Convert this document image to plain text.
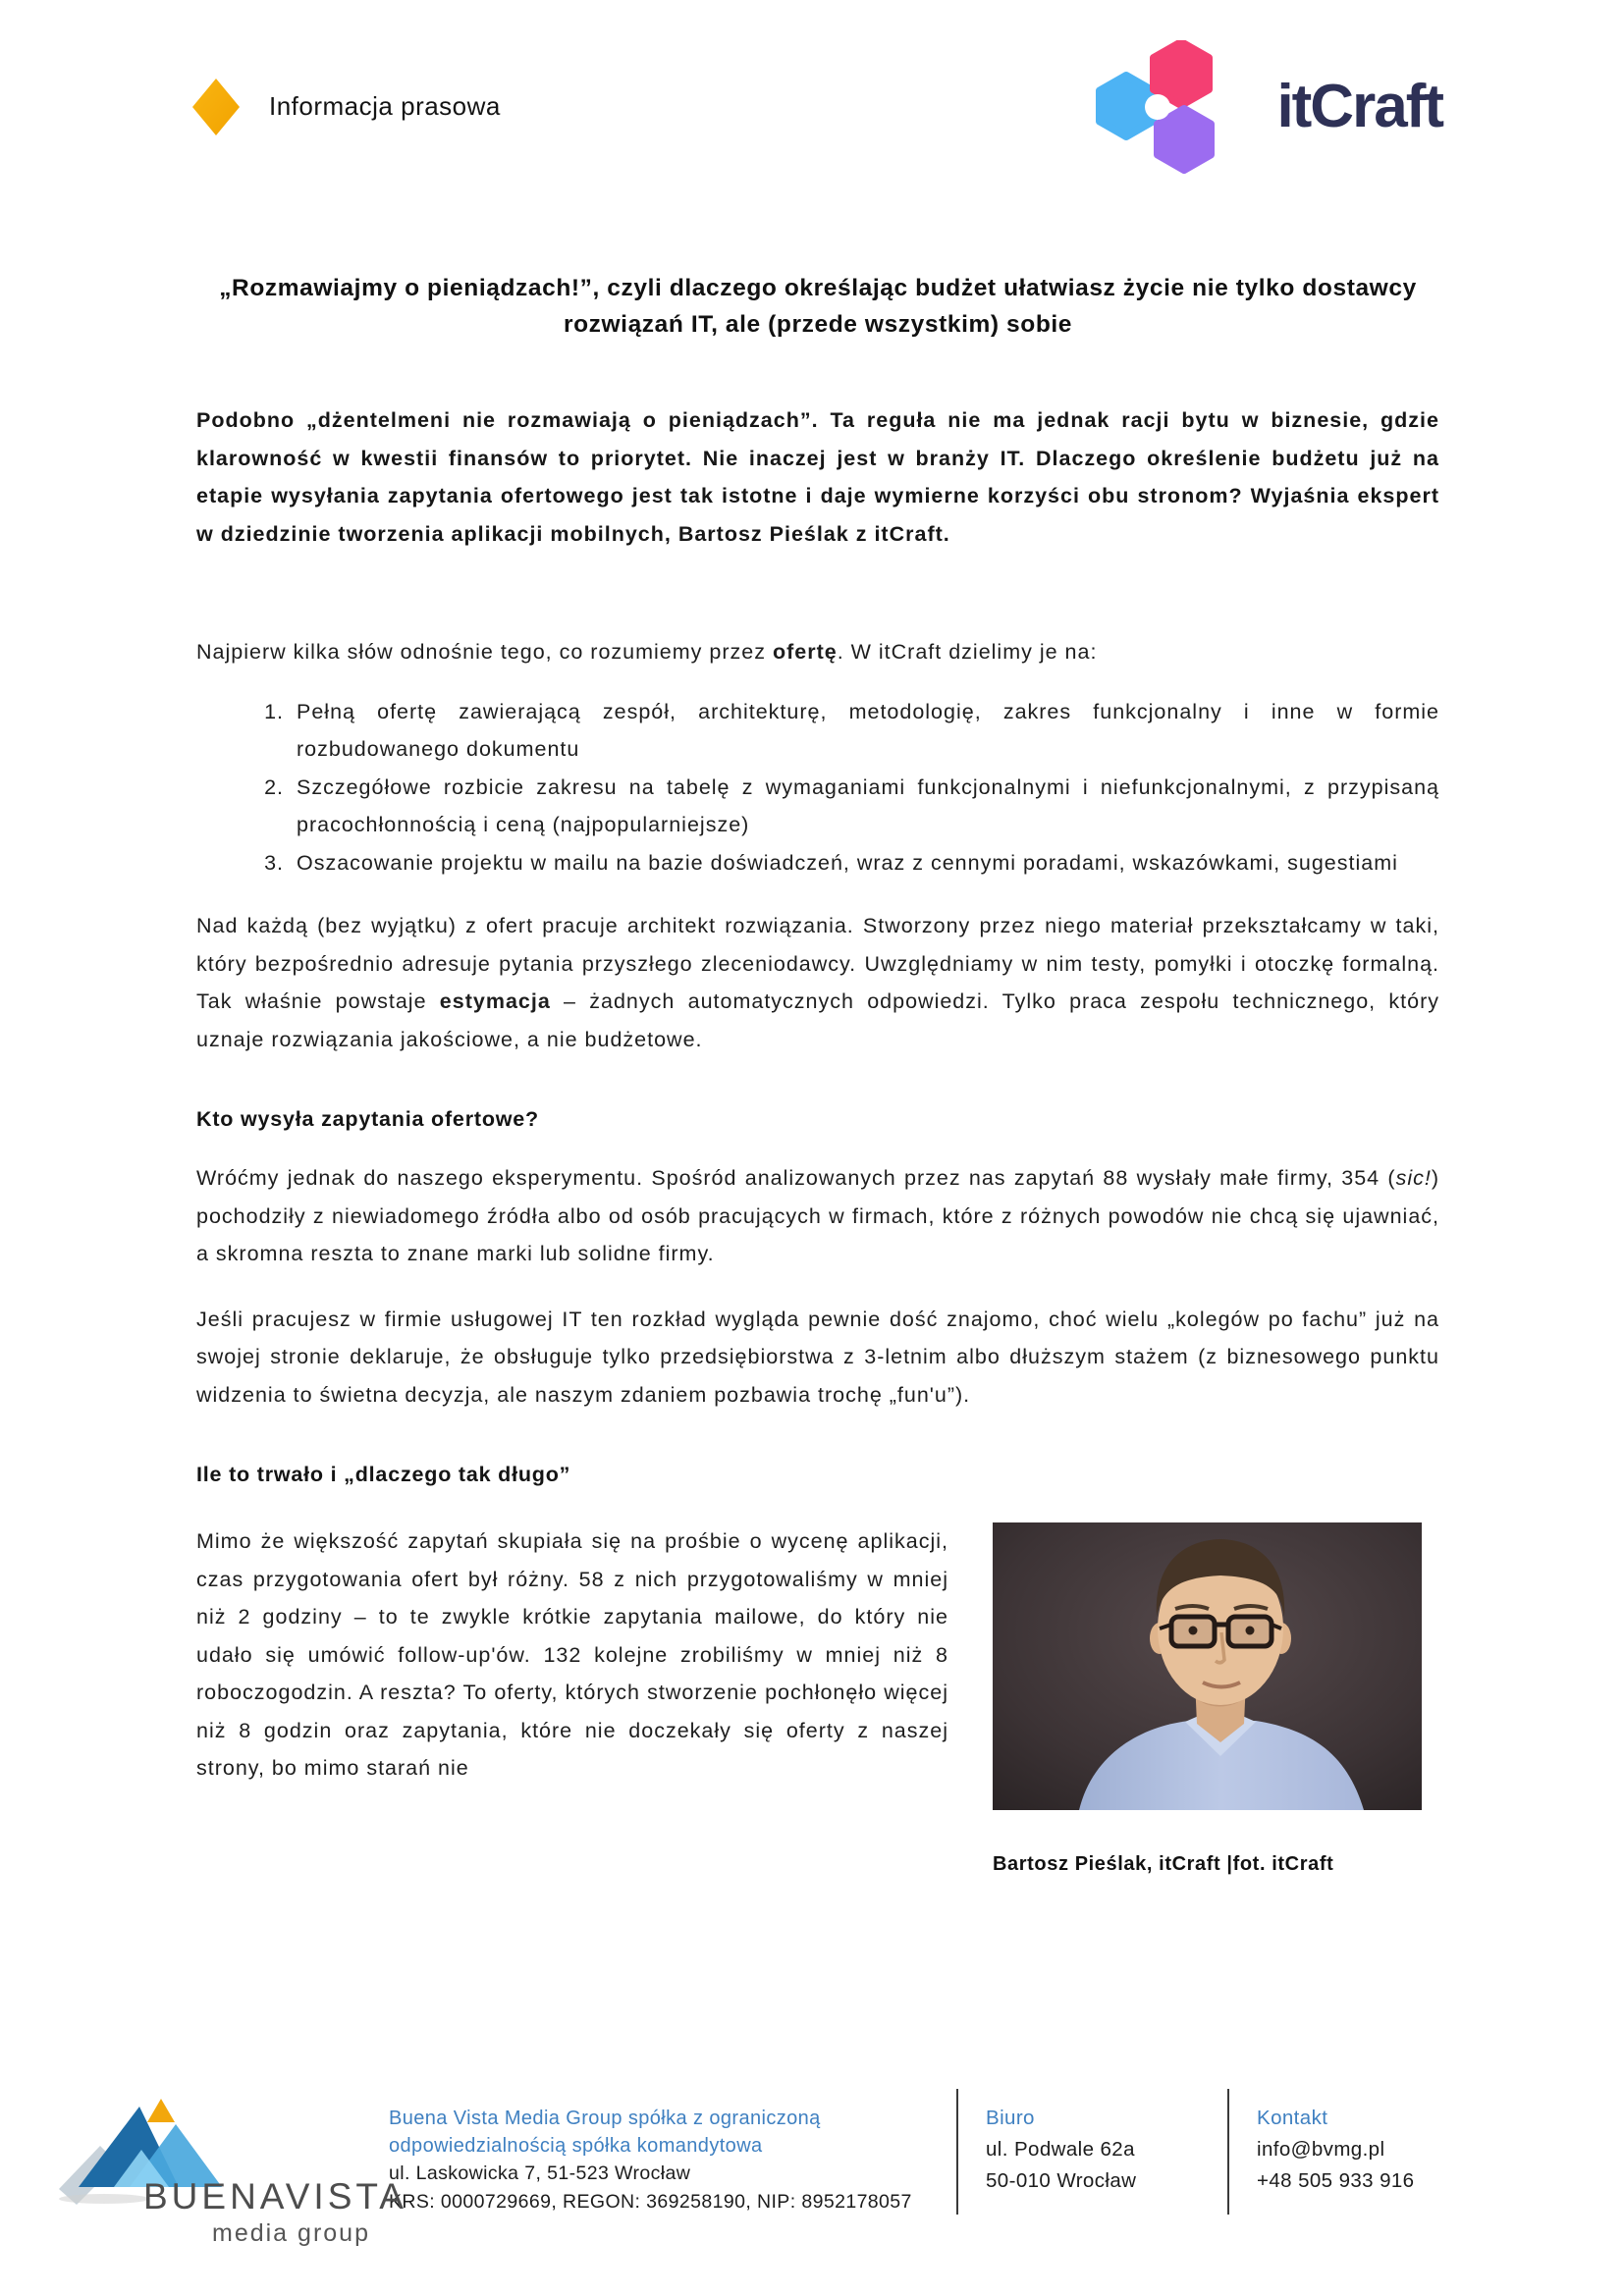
Informacja prasowa	itCraft
„Rozmawiajmy o pieniądzach!”, czyli dlaczego określając budżet ułatwiasz życie nie tylko dostawcy rozwiązań IT, ale (przede wszystkim) sobie

Podobno „dżentelmeni nie rozmawiają o pieniądzach”. Ta reguła nie ma jednak racji bytu w biznesie, gdzie klarowność w kwestii finansów to priorytet. Nie inaczej jest w branży IT. Dlaczego określenie budżetu już na etapie wysyłania zapytania ofertowego jest tak istotne i daje wymierne korzyści obu stronom? Wyjaśnia ekspert w dziedzinie tworzenia aplikacji mobilnych, Bartosz Pieślak z itCraft.

Najpierw kilka słów odnośnie tego, co rozumiemy przez ofertę. W itCraft dzielimy je na:

1. Pełną ofertę zawierającą zespół, architekturę, metodologię, zakres funkcjonalny i inne w formie rozbudowanego dokumentu
2. Szczegółowe rozbicie zakresu na tabelę z wymaganiami funkcjonalnymi i niefunkcjonalnymi, z przypisaną pracochłonnością i ceną (najpopularniejsze)
3. Oszacowanie projektu w mailu na bazie doświadczeń, wraz z cennymi poradami, wskazówkami, sugestiami

Nad każdą (bez wyjątku) z ofert pracuje architekt rozwiązania. Stworzony przez niego materiał przekształcamy w taki, który bezpośrednio adresuje pytania przyszłego zleceniodawcy. Uwzględniamy w nim testy, pomyłki i otoczkę formalną. Tak właśnie powstaje estymacja – żadnych automatycznych odpowiedzi. Tylko praca zespołu technicznego, który uznaje rozwiązania jakościowe, a nie budżetowe.

Kto wysyła zapytania ofertowe?

Wróćmy jednak do naszego eksperymentu. Spośród analizowanych przez nas zapytań 88 wysłały małe firmy, 354 (sic!) pochodziły z niewiadomego źródła albo od osób pracujących w firmach, które z różnych powodów nie chcą się ujawniać, a skromna reszta to znane marki lub solidne firmy.

Jeśli pracujesz w firmie usługowej IT ten rozkład wygląda pewnie dość znajomo, choć wielu „kolegów po fachu” już na swojej stronie deklaruje, że obsługuje tylko przedsiębiorstwa z 3-letnim albo dłuższym stażem (z biznesowego punktu widzenia to świetna decyzja, ale naszym zdaniem pozbawia trochę „fun'u”).

Ile to trwało i „dlaczego tak długo”

Mimo że większość zapytań skupiała się na prośbie o wycenę aplikacji, czas przygotowania ofert był różny. 58 z nich przygotowaliśmy w mniej niż 2 godziny – to te zwykle krótkie zapytania mailowe, do który nie udało się umówić follow-up'ów. 132 kolejne zrobiliśmy w mniej niż 8 roboczogodzin. A reszta? To oferty, których stworzenie pochłonęło więcej niż 8 godzin oraz zapytania, które nie doczekały się oferty z naszej strony, bo mimo starań nie

Bartosz Pieślak, itCraft |fot. itCraft
BUENAVISTA
media group
Buena Vista Media Group spółka z ograniczoną
odpowiedzialnością spółka komandytowa
ul. Laskowicka 7, 51-523 Wrocław
KRS: 0000729669, REGON: 369258190, NIP: 8952178057
Biuro
ul. Podwale 62a
50-010 Wrocław
Kontakt
info@bvmg.pl
+48 505 933 916
